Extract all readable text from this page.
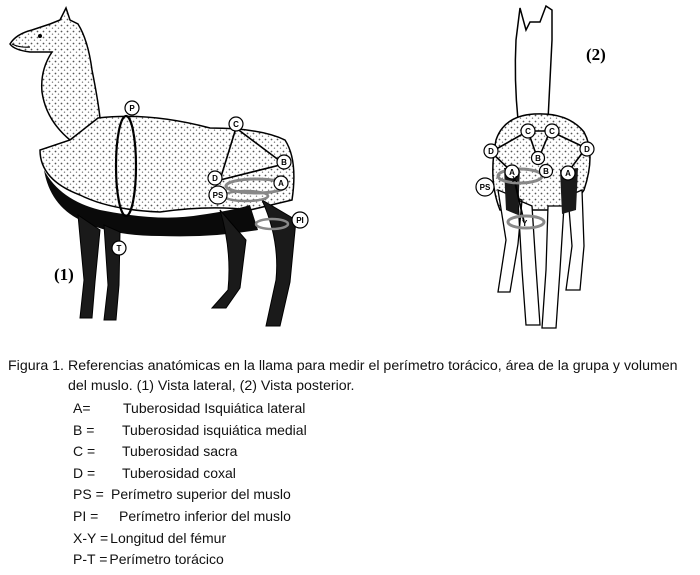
P
T
C
B
D
A
PS
PI
(1)
C C
D	D
B
B
A	A
PS
X
Y
(2)
Figura 1. Referencias anatómicas en la llama para medir el perímetro torácico, área de la grupa y volumen del muslo. (1) Vista lateral, (2) Vista posterior.
A=	Tuberosidad Isquiática lateral
B =	Tuberosidad isquiática medial
C =	Tuberosidad sacra
D =	Tuberosidad coxal
PS = Perímetro superior del muslo
PI =	Perímetro inferior del muslo
X-Y = Longitud del fémur
P-T = Perímetro torácico
